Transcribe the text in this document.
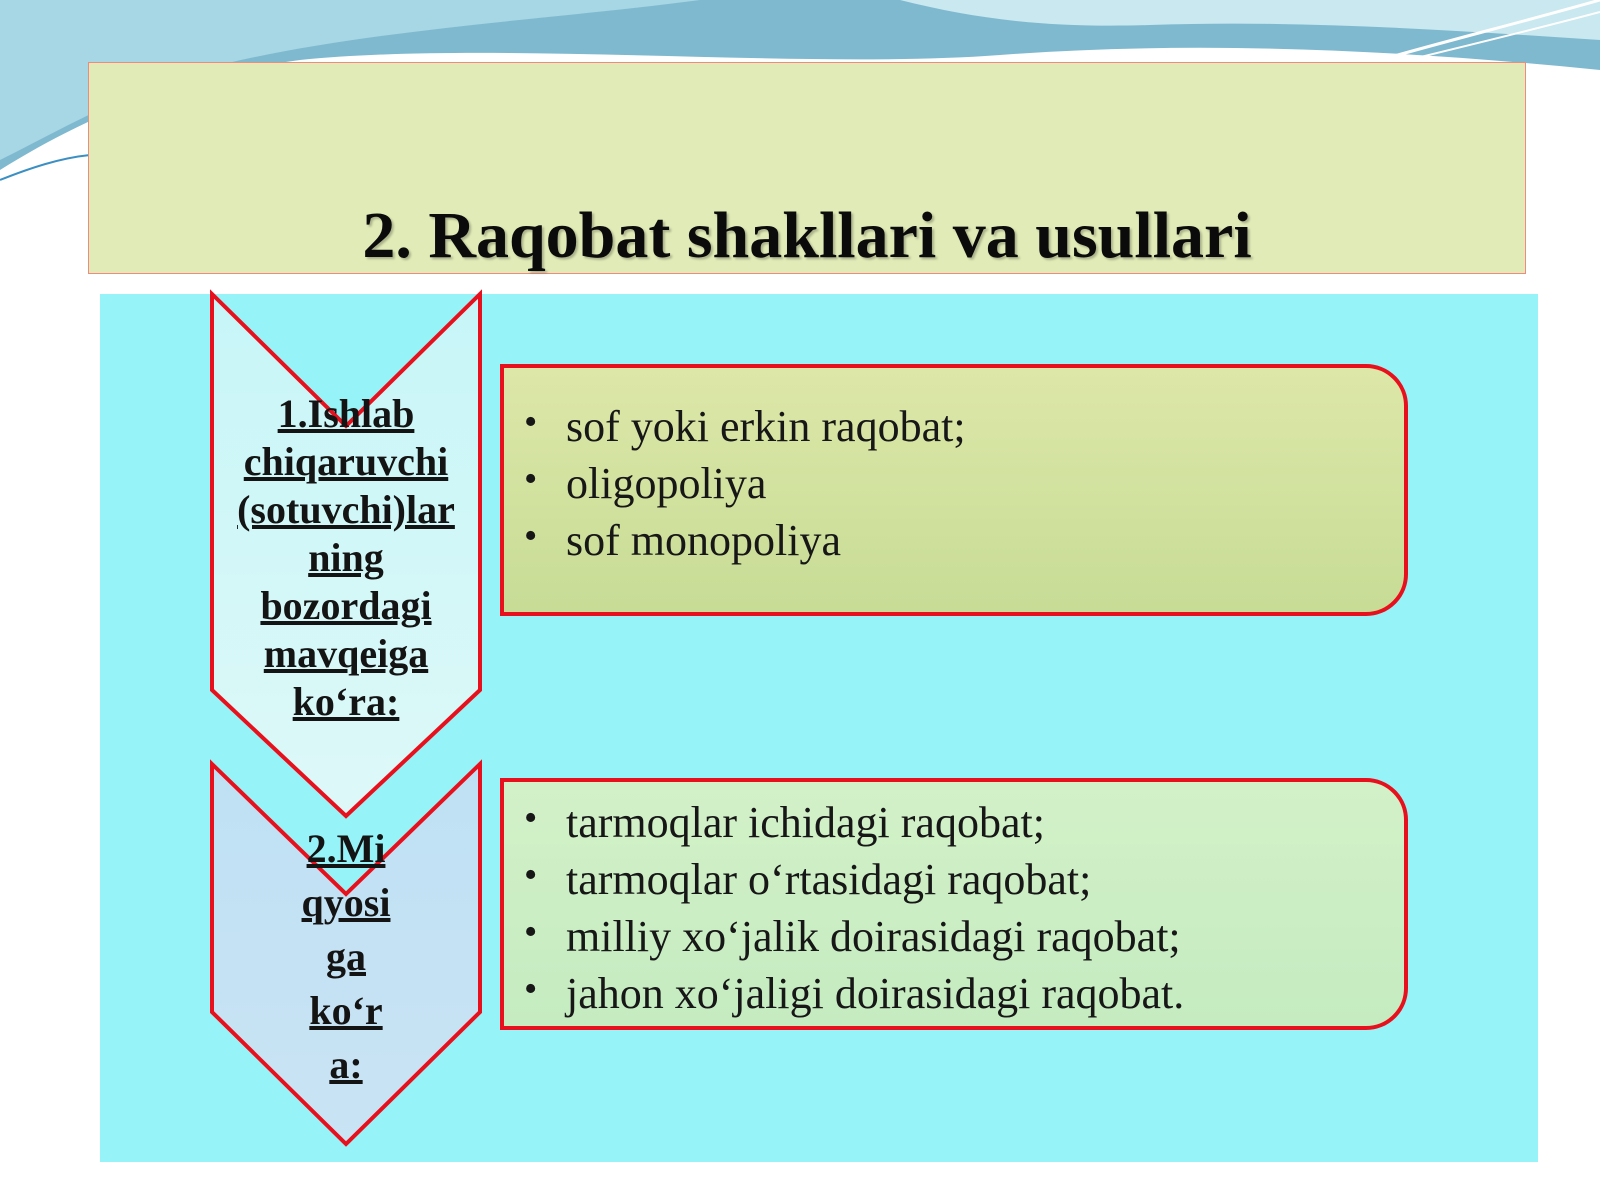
2. Raqobat shakllari va usullari
1.Ishlab
chiqaruvchi
(sotuvchi)lar
ning
bozordagi
mavqeiga
ko‘ra:
2.Mi
qyosi
ga
ko‘r
a:
• sof yoki erkin raqobat;
• oligopoliya
• sof monopoliya
• tarmoqlar ichidagi raqobat;
• tarmoqlar o‘rtasidagi raqobat;
• milliy xo‘jalik doirasidagi raqobat;
• jahon xo‘jaligi doirasidagi raqobat.
